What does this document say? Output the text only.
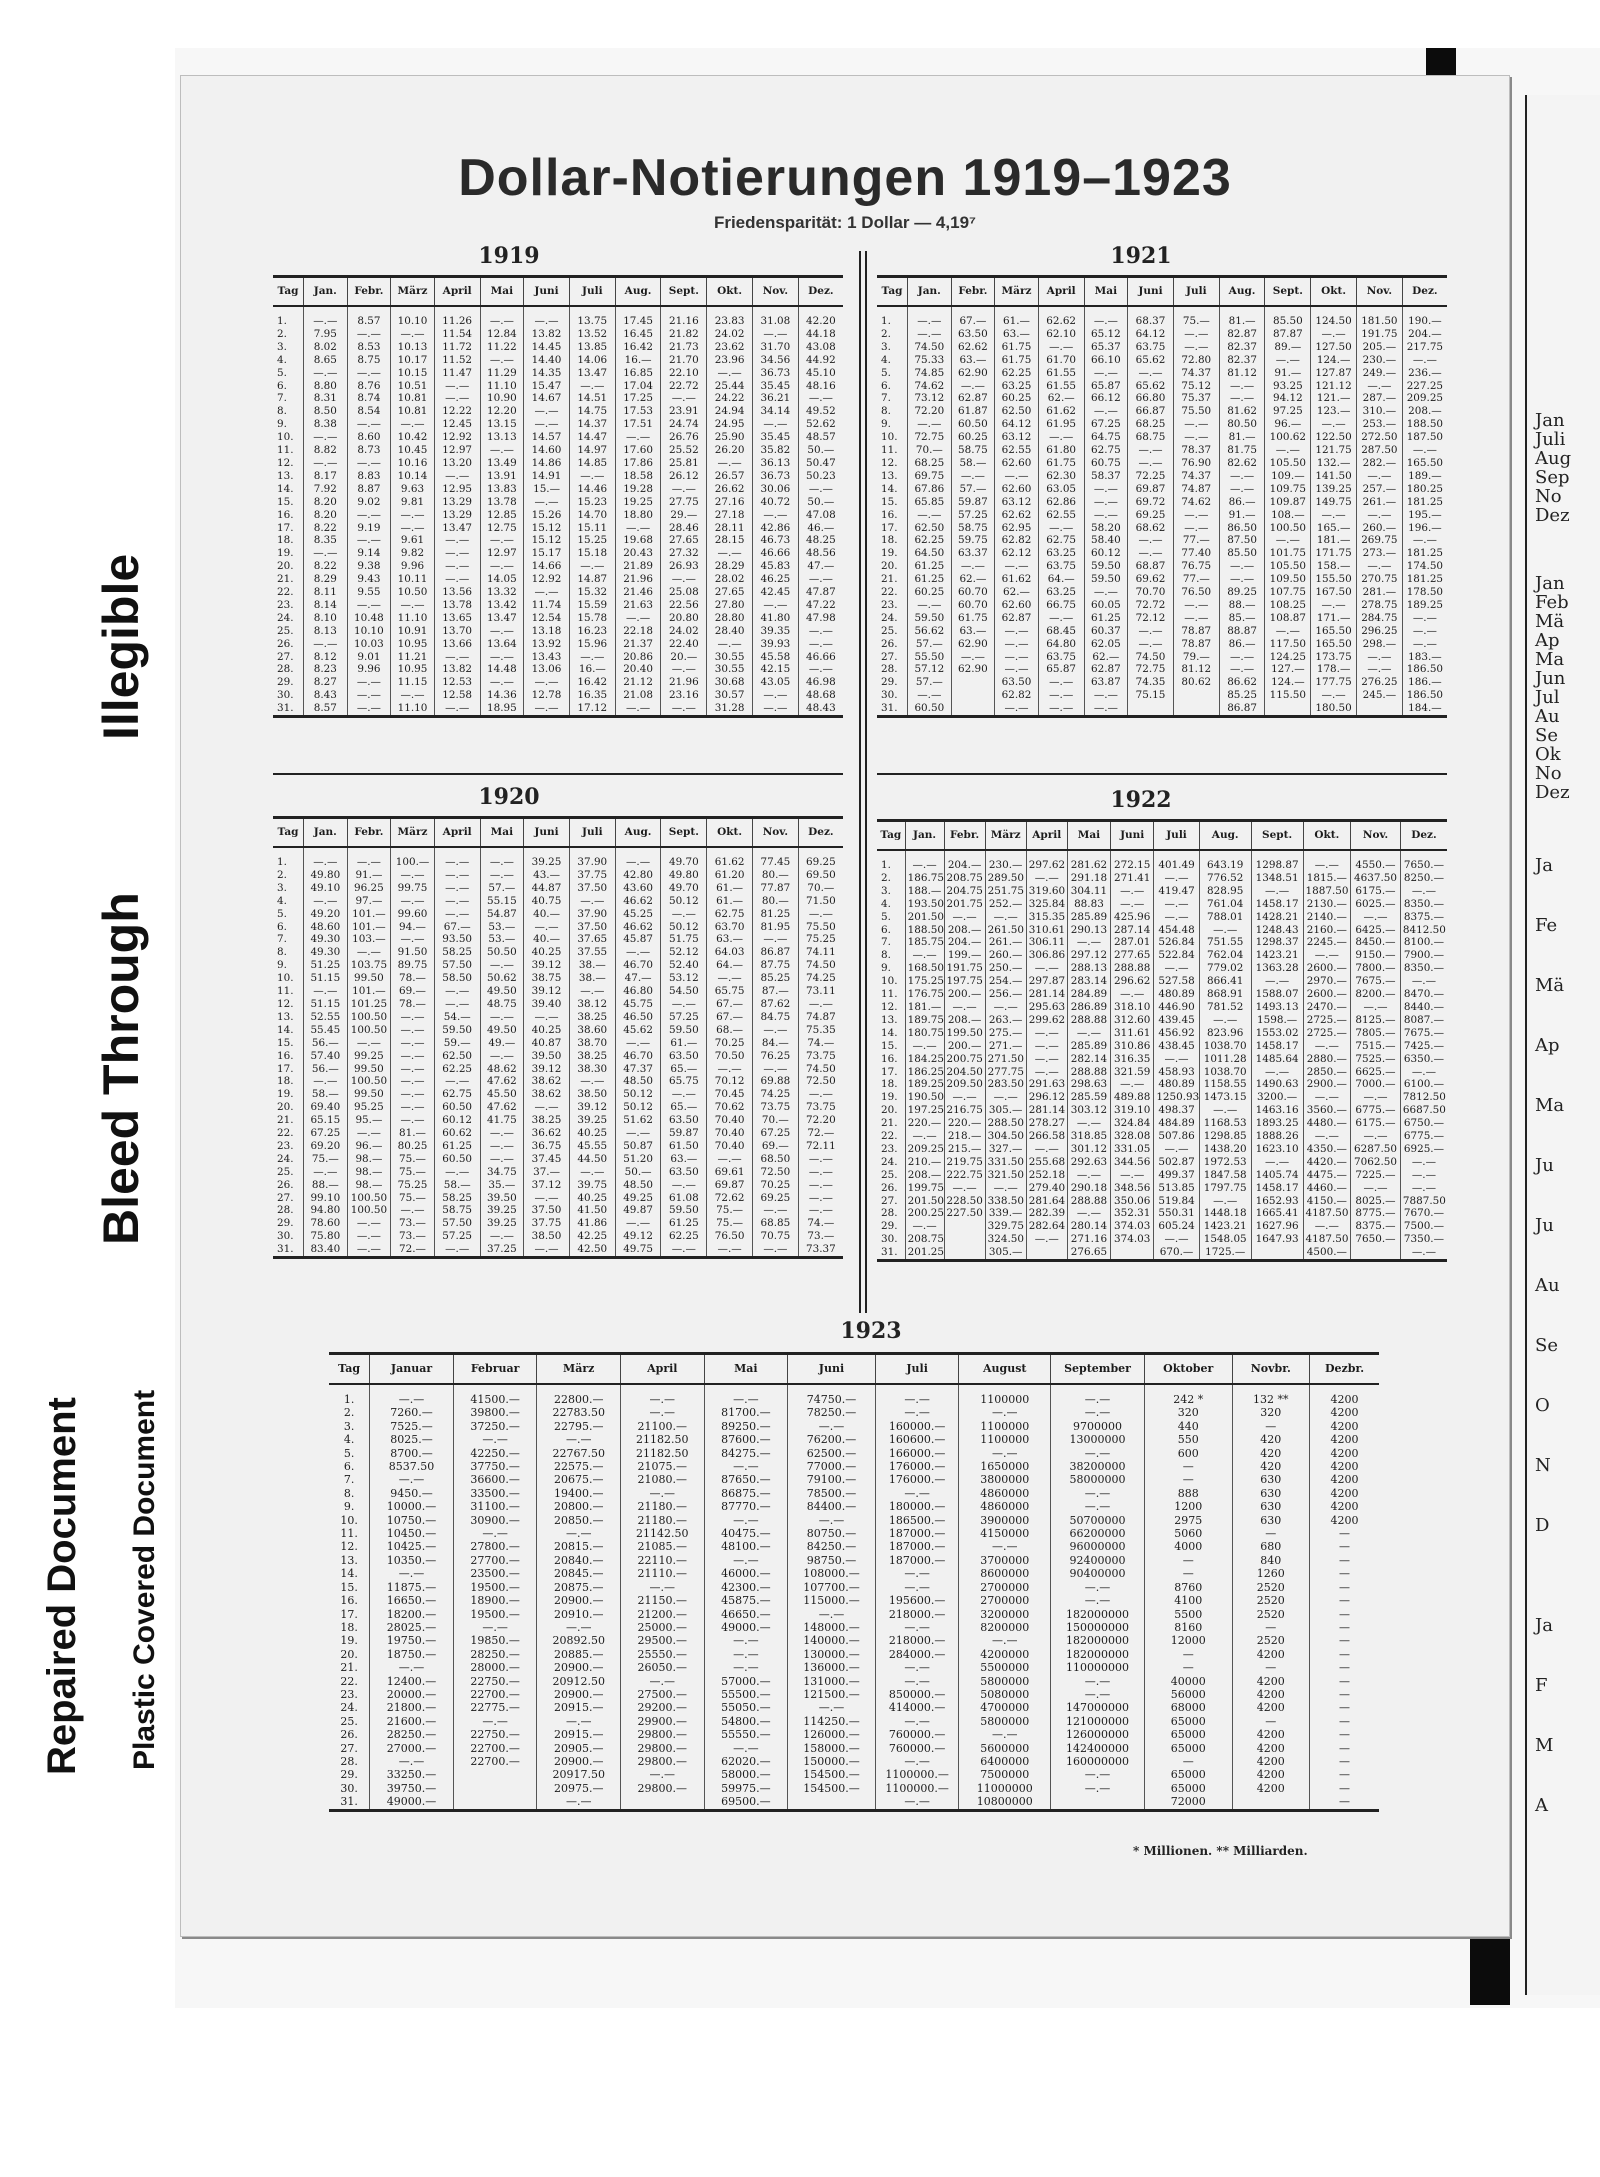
Repaired Document Plastic Covered Document
Bleed Through
Illegible
Jan
Juli
Aug
Sep
No
Dez
Jan
Feb
Mä
Ap
Ma
Jun
Jul
Au
Se
Ok
No
Dez
Ja
Fe
Mä
Ap
Ma
Ju
Ju
Au
Se
O
N
D
Ja
F
M
A
Dollar-Notierungen 1919–1923
Friedensparität: 1 Dollar — 4,19⁷
1919	1921
1920	1922
1923
Tag	Jan.	Febr.	März	April	Mai	Juni	Juli	Aug.	Sept.	Okt.	Nov.	Dez.
1.	—.—	8.57	10.10	11.26	—.—	—.—	13.75	17.45	21.16	23.83	31.08	42.20
2.	7.95	—.—	—.—	11.54	12.84	13.82	13.52	16.45	21.82	24.02	—.—	44.18
3.	8.02	8.53	10.13	11.72	11.22	14.45	13.85	16.42	21.73	23.62	31.70	43.08
4.	8.65	8.75	10.17	11.52	—.—	14.40	14.06	16.—	21.70	23.96	34.56	44.92
5.	—.—	—.—	10.15	11.47	11.29	14.35	13.47	16.85	22.10	—.—	36.73	45.10
6.	8.80	8.76	10.51	—.—	11.10	15.47	—.—	17.04	22.72	25.44	35.45	48.16
7.	8.31	8.74	10.81	—.—	10.90	14.67	14.51	17.25	—.—	24.22	36.21	—.—
8.	8.50	8.54	10.81	12.22	12.20	—.—	14.75	17.53	23.91	24.94	34.14	49.52
9.	8.38	—.—	—.—	12.45	13.15	—.—	14.37	17.51	24.74	24.95	—.—	52.62
10.	—.—	8.60	10.42	12.92	13.13	14.57	14.47	—.—	26.76	25.90	35.45	48.57
11.	8.82	8.73	10.45	12.97	—.—	14.60	14.97	17.60	25.52	26.20	35.82	50.—
12.	—.—	—.—	10.16	13.20	13.49	14.86	14.85	17.86	25.81	—.—	36.13	50.47
13.	8.17	8.83	10.14	—.—	13.91	14.91	—.—	18.58	26.12	26.57	36.73	50.23
14.	7.92	8.87	9.63	12.95	13.83	15.—	14.46	19.28	—.—	26.62	30.06	—.—
15.	8.20	9.02	9.81	13.29	13.78	—.—	15.23	19.25	27.75	27.16	40.72	50.—
16.	8.20	—.—	—.—	13.29	12.85	15.26	14.70	18.80	29.—	27.18	—.—	47.08
17.	8.22	9.19	—.—	13.47	12.75	15.12	15.11	—.—	28.46	28.11	42.86	46.—
18.	8.35	—.—	9.61	—.—	—.—	15.12	15.25	19.68	27.65	28.15	46.73	48.25
19.	—.—	9.14	9.82	—.—	12.97	15.17	15.18	20.43	27.32	—.—	46.66	48.56
20.	8.22	9.38	9.96	—.—	—.—	14.66	—.—	21.89	26.93	28.29	45.83	47.—
21.	8.29	9.43	10.11	—.—	14.05	12.92	14.87	21.96	—.—	28.02	46.25	—.—
22.	8.11	9.55	10.50	13.56	13.32	—.—	15.32	21.46	25.08	27.65	42.45	47.87
23.	8.14	—.—	—.—	13.78	13.42	11.74	15.59	21.63	22.56	27.80	—.—	47.22
24.	8.10	10.48	11.10	13.65	13.47	12.54	15.78	—.—	20.80	28.80	41.80	47.98
25.	8.13	10.10	10.91	13.70	—.—	13.18	16.23	22.18	24.02	28.40	39.35	—.—
26.	—.—	10.03	10.95	13.66	13.64	13.92	15.96	21.37	22.40	—.—	39.93	—.—
27.	8.12	9.01	11.21	—.—	—.—	13.43	—.—	20.86	20.—	30.55	45.58	46.66
28.	8.23	9.96	10.95	13.82	14.48	13.06	16.—	20.40	—.—	30.55	42.15	—.—
29.	8.27	—.—	11.15	12.53	—.—	—.—	16.42	21.12	21.96	30.68	43.05	46.98
30.	8.43	—.—	—.—	12.58	14.36	12.78	16.35	21.08	23.16	30.57	—.—	48.68
31.	8.57	—.—	11.10	—.—	18.95	—.—	17.12	—.—	—.—	31.28	—.—	48.43
Tag	Jan.	Febr.	März	April	Mai	Juni	Juli	Aug.	Sept.	Okt.	Nov.	Dez.
1.	—.—	67.—	61.—	62.62	—.—	68.37	75.—	81.—	85.50	124.50	181.50	190.—
2.	—.—	63.50	63.—	62.10	65.12	64.12	—.—	82.87	87.87	—.—	191.75	204.—
3.	74.50	62.62	61.75	—.—	65.37	63.75	—.—	82.37	89.—	127.50	205.—	217.75
4.	75.33	63.—	61.75	61.70	66.10	65.62	72.80	82.37	—.—	124.—	230.—	—.—
5.	74.85	62.90	62.25	61.55	—.—	—.—	74.37	81.12	91.—	127.87	249.—	236.—
6.	74.62	—.—	63.25	61.55	65.87	65.62	75.12	—.—	93.25	121.12	—.—	227.25
7.	73.12	62.87	60.25	62.—	66.12	66.80	75.37	—.—	94.12	121.—	287.—	209.25
8.	72.20	61.87	62.50	61.62	—.—	66.87	75.50	81.62	97.25	123.—	310.—	208.—
9.	—.—	60.50	64.12	61.95	67.25	68.25	—.—	80.50	96.—	—.—	253.—	188.50
10.	72.75	60.25	63.12	—.—	64.75	68.75	—.—	81.—	100.62	122.50	272.50	187.50
11.	70.—	58.75	62.55	61.80	62.75	—.—	78.37	81.75	—.—	121.75	287.50	—.—
12.	68.25	58.—	62.60	61.75	60.75	—.—	76.90	82.62	105.50	132.—	282.—	165.50
13.	69.75	—.—	—.—	62.30	58.37	72.25	74.37	—.—	109.—	141.50	—.—	189.—
14.	67.86	57.—	62.60	63.05	—.—	69.87	74.87	—.—	109.75	139.25	257.—	180.25
15.	65.85	59.87	63.12	62.86	—.—	69.72	74.62	86.—	109.87	149.75	261.—	181.25
16.	—.—	57.25	62.62	62.55	—.—	69.25	—.—	91.—	108.—	—.—	—.—	195.—
17.	62.50	58.75	62.95	—.—	58.20	68.62	—.—	86.50	100.50	165.—	260.—	196.—
18.	62.25	59.75	62.82	62.75	58.40	—.—	77.—	87.50	—.—	181.—	269.75	—.—
19.	64.50	63.37	62.12	63.25	60.12	—.—	77.40	85.50	101.75	171.75	273.—	181.25
20.	61.25	—.—	—.—	63.75	59.50	68.87	76.75	—.—	105.50	158.—	—.—	174.50
21.	61.25	62.—	61.62	64.—	59.50	69.62	77.—	—.—	109.50	155.50	270.75	181.25
22.	60.25	60.70	62.—	63.25	—.—	70.70	76.50	89.25	107.75	167.50	281.—	178.50
23.	—.—	60.70	62.60	66.75	60.05	72.72	—.—	88.—	108.25	—.—	278.75	189.25
24.	59.50	61.75	62.87	—.—	61.25	72.12	—.—	85.—	108.87	171.—	284.75	—.—
25.	56.62	63.—	—.—	68.45	60.37	—.—	78.87	88.87	—.—	165.50	296.25	—.—
26.	57.—	62.90	—.—	64.80	62.05	—.—	78.87	86.—	117.50	165.50	298.—	—.—
27.	55.50	—.—	—.—	63.75	62.—	74.50	79.—	—.—	124.25	173.75	—.—	183.—
28.	57.12	62.90	—.—	65.87	62.87	72.75	81.12	—.—	127.—	178.—	—.—	186.50
29.	57.—		63.50	—.—	63.87	74.35	80.62	86.62	124.—	177.75	276.25	186.—
30.	—.—		62.82	—.—	—.—	75.15		85.25	115.50	—.—	245.—	186.50
31.	60.50		—.—	—.—	—.—			86.87		180.50		184.—
Tag	Jan.	Febr.	März	April	Mai	Juni	Juli	Aug.	Sept.	Okt.	Nov.	Dez.
1.	—.—	—.—	100.—	—.—	—.—	39.25	37.90	—.—	49.70	61.62	77.45	69.25
2.	49.80	91.—	—.—	—.—	—.—	43.—	37.75	42.80	49.80	61.20	80.—	69.50
3.	49.10	96.25	99.75	—.—	57.—	44.87	37.50	43.60	49.70	61.—	77.87	70.—
4.	—.—	97.—	—.—	—.—	55.15	40.75	—.—	46.62	50.12	61.—	80.—	71.50
5.	49.20	101.—	99.60	—.—	54.87	40.—	37.90	45.25	—.—	62.75	81.25	—.—
6.	48.60	101.—	94.—	67.—	53.—	—.—	37.50	46.62	50.12	63.70	81.95	75.50
7.	49.30	103.—	—.—	93.50	53.—	40.—	37.65	45.87	51.75	63.—	—.—	75.25
8.	49.30	—.—	91.50	58.25	50.50	40.25	37.55	—.—	52.12	64.03	86.87	74.11
9.	51.25	103.75	89.75	57.50	—.—	39.12	38.—	46.70	52.40	64.—	87.75	74.50
10.	51.15	99.50	78.—	58.50	50.62	38.75	38.—	47.—	53.12	—.—	85.25	74.25
11.	—.—	101.—	69.—	—.—	49.50	39.12	—.—	46.80	54.50	65.75	87.—	73.11
12.	51.15	101.25	78.—	—.—	48.75	39.40	38.12	45.75	—.—	67.—	87.62	—.—
13.	52.55	100.50	—.—	54.—	—.—	—.—	38.25	46.50	57.25	67.—	84.75	74.87
14.	55.45	100.50	—.—	59.50	49.50	40.25	38.60	45.62	59.50	68.—	—.—	75.35
15.	56.—	—.—	—.—	59.—	49.—	40.87	38.70	—.—	61.—	70.25	84.—	74.—
16.	57.40	99.25	—.—	62.50	—.—	39.50	38.25	46.70	63.50	70.50	76.25	73.75
17.	56.—	99.50	—.—	62.25	48.62	39.12	38.30	47.37	65.—	—.—	—.—	74.50
18.	—.—	100.50	—.—	—.—	47.62	38.62	—.—	48.50	65.75	70.12	69.88	72.50
19.	58.—	99.50	—.—	62.75	45.50	38.62	38.50	50.12	—.—	70.45	74.25	—.—
20.	69.40	95.25	—.—	60.50	47.62	—.—	39.12	50.12	65.—	70.62	73.75	73.75
21.	65.15	95.—	—.—	60.12	41.75	38.25	39.25	51.62	63.50	70.40	70.—	72.20
22.	67.25	—.—	81.—	60.62	—.—	36.62	40.25	—.—	59.87	70.40	67.25	72.—
23.	69.20	96.—	80.25	61.25	—.—	36.75	45.55	50.87	61.50	70.40	69.—	72.11
24.	75.—	98.—	75.—	60.50	—.—	37.45	44.50	51.20	63.—	—.—	68.50	—.—
25.	—.—	98.—	75.—	—.—	34.75	37.—	—.—	50.—	63.50	69.61	72.50	—.—
26.	88.—	98.—	75.25	58.—	35.—	37.12	39.75	48.50	—.—	69.87	70.25	—.—
27.	99.10	100.50	75.—	58.25	39.50	—.—	40.25	49.25	61.08	72.62	69.25	—.—
28.	94.80	100.50	—.—	58.75	39.25	37.50	41.50	49.87	59.50	75.—	—.—	—.—
29.	78.60	—.—	73.—	57.50	39.25	37.75	41.86	—.—	61.25	75.—	68.85	74.—
30.	75.80	—.—	73.—	57.25	—.—	38.50	42.25	49.12	62.25	76.50	70.75	73.—
31.	83.40	—.—	72.—	—.—	37.25	—.—	42.50	49.75	—.—	—.—	—.—	73.37
Tag	Jan.	Febr.	März	April	Mai	Juni	Juli	Aug.	Sept.	Okt.	Nov.	Dez.
1.	—.—	204.—	230.—	297.62	281.62	272.15	401.49	643.19	1298.87	—.—	4550.—	7650.—
2.	186.75	208.75	289.50	—.—	291.18	271.41	—.—	776.52	1348.51	1815.—	4637.50	8250.—
3.	188.—	204.75	251.75	319.60	304.11	—.—	419.47	828.95	—.—	1887.50	6175.—	—.—
4.	193.50	201.75	252.—	325.84	88.83	—.—	—.—	761.04	1458.17	2130.—	6025.—	8350.—
5.	201.50	—.—	—.—	315.35	285.89	425.96	—.—	788.01	1428.21	2140.—	—.—	8375.—
6.	188.50	208.—	261.50	310.61	290.13	287.14	454.48	—.—	1248.43	2160.—	6425.—	8412.50
7.	185.75	204.—	261.—	306.11	—.—	287.01	526.84	751.55	1298.37	2245.—	8450.—	8100.—
8.	—.—	199.—	260.—	306.86	297.12	277.65	522.84	762.04	1423.21	—.—	9150.—	7900.—
9.	168.50	191.75	250.—	—.—	288.13	288.88	—.—	779.02	1363.28	2600.—	7800.—	8350.—
10.	175.25	197.75	254.—	297.87	283.14	296.62	527.58	866.41	—.—	2970.—	7675.—	—.—
11.	176.75	200.—	256.—	281.14	284.89	—.—	480.89	868.91	1588.07	2600.—	8200.—	8470.—
12.	181.—	—.—	—.—	295.63	286.89	318.10	446.90	781.52	1493.13	2470.—	—.—	8440.—
13.	189.75	208.—	263.—	299.62	288.88	312.60	439.45	—.—	1598.—	2725.—	8125.—	8087.—
14.	180.75	199.50	275.—	—.—	—.—	311.61	456.92	823.96	1553.02	2725.—	7805.—	7675.—
15.	—.—	200.—	271.—	—.—	285.89	310.86	438.45	1038.70	1458.17	—.—	7515.—	7425.—
16.	184.25	200.75	271.50	—.—	282.14	316.35	—.—	1011.28	1485.64	2880.—	7525.—	6350.—
17.	186.25	204.50	277.75	—.—	288.88	321.59	458.93	1038.70	—.—	2850.—	6625.—	—.—
18.	189.25	209.50	283.50	291.63	298.63	—.—	480.89	1158.55	1490.63	2900.—	7000.—	6100.—
19.	190.50	—.—	—.—	296.12	285.59	489.88	1250.93	1473.15	3200.—	—.—	—.—	7812.50
20.	197.25	216.75	305.—	281.14	303.12	319.10	498.37	—.—	1463.16	3560.—	6775.—	6687.50
21.	220.—	220.—	288.50	278.27	—.—	324.84	484.89	1168.53	1893.25	4480.—	6175.—	6750.—
22.	—.—	218.—	304.50	266.58	318.85	328.08	507.86	1298.85	1888.26	—.—	—.—	6775.—
23.	209.25	215.—	327.—	—.—	301.12	331.05	—.—	1438.20	1623.10	4350.—	6287.50	6925.—
24.	210.—	219.75	331.50	255.68	292.63	344.56	502.87	1972.53	—.—	4420.—	7062.50	—.—
25.	208.—	222.75	321.50	252.18	—.—	—.—	499.37	1847.58	1405.74	4475.—	7225.—	—.—
26.	199.75	—.—	—.—	279.40	290.18	348.56	513.85	1797.75	1458.17	4460.—	—.—	—.—
27.	201.50	228.50	338.50	281.64	288.88	350.06	519.84	—.—	1652.93	4150.—	8025.—	7887.50
28.	200.25	227.50	339.—	282.39	—.—	352.31	550.31	1448.18	1665.41	4187.50	8775.—	7670.—
29.	—.—		329.75	282.64	280.14	374.03	605.24	1423.21	1627.96	—.—	8375.—	7500.—
30.	208.75		324.50	—.—	271.16	374.03	—.—	1548.05	1647.93	4187.50	7650.—	7350.—
31.	201.25		305.—		276.65		670.—	1725.—		4500.—		—.—
Tag	Januar	Februar	März	April	Mai	Juni	Juli	August	September	Oktober	Novbr.	Dezbr.
1.	—.—	41500.—	22800.—	—.—	—.—	74750.—	—.—	1100000	—.—	242 *	132 **	4200
2.	7260.—	39800.—	22783.50	—.—	81700.—	78250.—	—.—	—.—	—.—	320	320	4200
3.	7525.—	37250.—	22795.—	21100.—	89250.—	—.—	160000.—	1100000	9700000	440	—	4200
4.	8025.—	—.—	—.—	21182.50	87600.—	76200.—	160600.—	1100000	13000000	550	420	4200
5.	8700.—	42250.—	22767.50	21182.50	84275.—	62500.—	166000.—	—.—	—.—	600	420	4200
6.	8537.50	37750.—	22575.—	21075.—	—.—	77000.—	176000.—	1650000	38200000	—	420	4200
7.	—.—	36600.—	20675.—	21080.—	87650.—	79100.—	176000.—	3800000	58000000	—	630	4200
8.	9450.—	33500.—	19400.—	—.—	86875.—	78500.—	—.—	4860000	—.—	888	630	4200
9.	10000.—	31100.—	20800.—	21180.—	87770.—	84400.—	180000.—	4860000	—.—	1200	630	4200
10.	10750.—	30900.—	20850.—	21180.—	—.—	—.—	186500.—	3900000	50700000	2975	630	4200
11.	10450.—	—.—	—.—	21142.50	40475.—	80750.—	187000.—	4150000	66200000	5060	—	—
12.	10425.—	27800.—	20815.—	21085.—	48100.—	84250.—	187000.—	—.—	96000000	4000	680	—
13.	10350.—	27700.—	20840.—	22110.—	—.—	98750.—	187000.—	3700000	92400000	—	840	—
14.	—.—	23500.—	20845.—	21110.—	46000.—	108000.—	—.—	8600000	90400000	—	1260	—
15.	11875.—	19500.—	20875.—	—.—	42300.—	107700.—	—.—	2700000	—.—	8760	2520	—
16.	16650.—	18900.—	20900.—	21150.—	45875.—	115000.—	195600.—	2700000	—.—	4100	2520	—
17.	18200.—	19500.—	20910.—	21200.—	46650.—	—.—	218000.—	3200000	182000000	5500	2520	—
18.	28025.—	—.—	—.—	25000.—	49000.—	148000.—	—.—	8200000	150000000	8160	—	—
19.	19750.—	19850.—	20892.50	29500.—	—.—	140000.—	218000.—	—.—	182000000	12000	2520	—
20.	18750.—	28250.—	20885.—	25550.—	—.—	130000.—	284000.—	4200000	182000000	—	4200	—
21.	—.—	28000.—	20900.—	26050.—	—.—	136000.—	—.—	5500000	110000000	—	—	—
22.	12400.—	22750.—	20912.50	—.—	57000.—	131000.—	—.—	5800000	—.—	40000	4200	—
23.	20000.—	22700.—	20900.—	27500.—	55500.—	121500.—	850000.—	5080000	—.—	56000	4200	—
24.	21800.—	22775.—	20915.—	29200.—	55050.—	—.—	414000.—	4700000	147000000	68000	4200	—
25.	21600.—	—.—	—.—	29900.—	54800.—	114250.—	—.—	5800000	121000000	65000	—	—
26.	28250.—	22750.—	20915.—	29800.—	55550.—	126000.—	760000.—	—.—	126000000	65000	4200	—
27.	27000.—	22700.—	20905.—	29800.—	—.—	158000.—	760000.—	5600000	142400000	65000	4200	—
28.	—.—	22700.—	20900.—	29800.—	62020.—	150000.—	—.—	6400000	160000000	—	4200	—
29.	33250.—		20917.50	—.—	58000.—	154500.—	1100000.—	7500000	—.—	65000	4200	—
30.	39750.—		20975.—	29800.—	59975.—	154500.—	1100000.—	11000000	—.—	65000	4200	—
31.	49000.—		—.—		69500.—		—.—	10800000		72000		—
* Millionen. ** Milliarden.
